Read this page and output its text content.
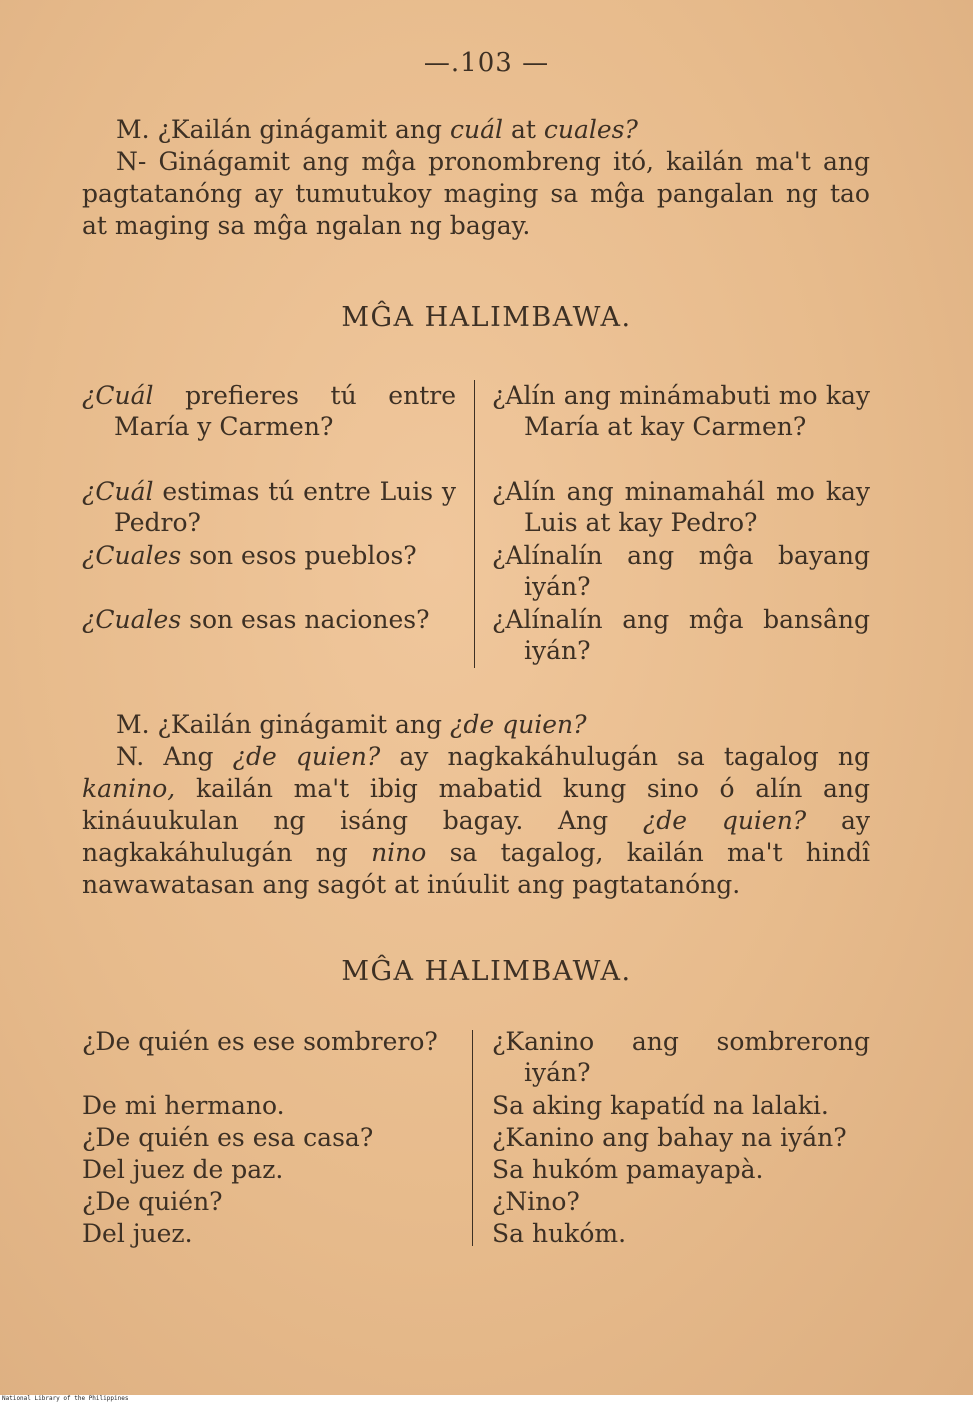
—.103 —

M. ¿Kailán ginágamit ang cuál at cuales?

N- Ginágamit ang mĝa pronombreng itó, kailán ma't ang pagtatanóng ay tumutukoy maging sa mĝa pangalan ng tao at maging sa mĝa ngalan ng bagay.

MĜA HALIMBAWA.
¿Cuál prefieres tú entre María y Carmen?
¿Cuál estimas tú entre Luis y Pedro?
¿Cuales son esos pueblos?
¿Cuales son esas naciones?
¿Alín ang minámabuti mo kay María at kay Carmen?
¿Alín ang minamahál mo kay Luis at kay Pedro?
¿Alínalín ang mĝa bayang iyán?
¿Alínalín ang mĝa bansâng iyán?

M. ¿Kailán ginágamit ang ¿de quien?

N. Ang ¿de quien? ay nagkakáhulugán sa tagalog ng kanino, kailán ma't ibig mabatid kung sino ó alín ang kináuukulan ng isáng bagay. Ang ¿de quien? ay nagkakáhulugán ng nino sa tagalog, kailán ma't hindî nawawatasan ang sagót at inúulit ang pagtatanóng.

MĜA HALIMBAWA.
¿De quién es ese sombrero?
De mi hermano.
¿De quién es esa casa?
Del juez de paz.
¿De quién?
Del juez.
¿Kanino ang sombrerong iyán?
Sa aking kapatíd na lalaki.
¿Kanino ang bahay na iyán?
Sa hukóm pamayapà.
¿Nino?
Sa hukóm.
National Library of the Philippines
